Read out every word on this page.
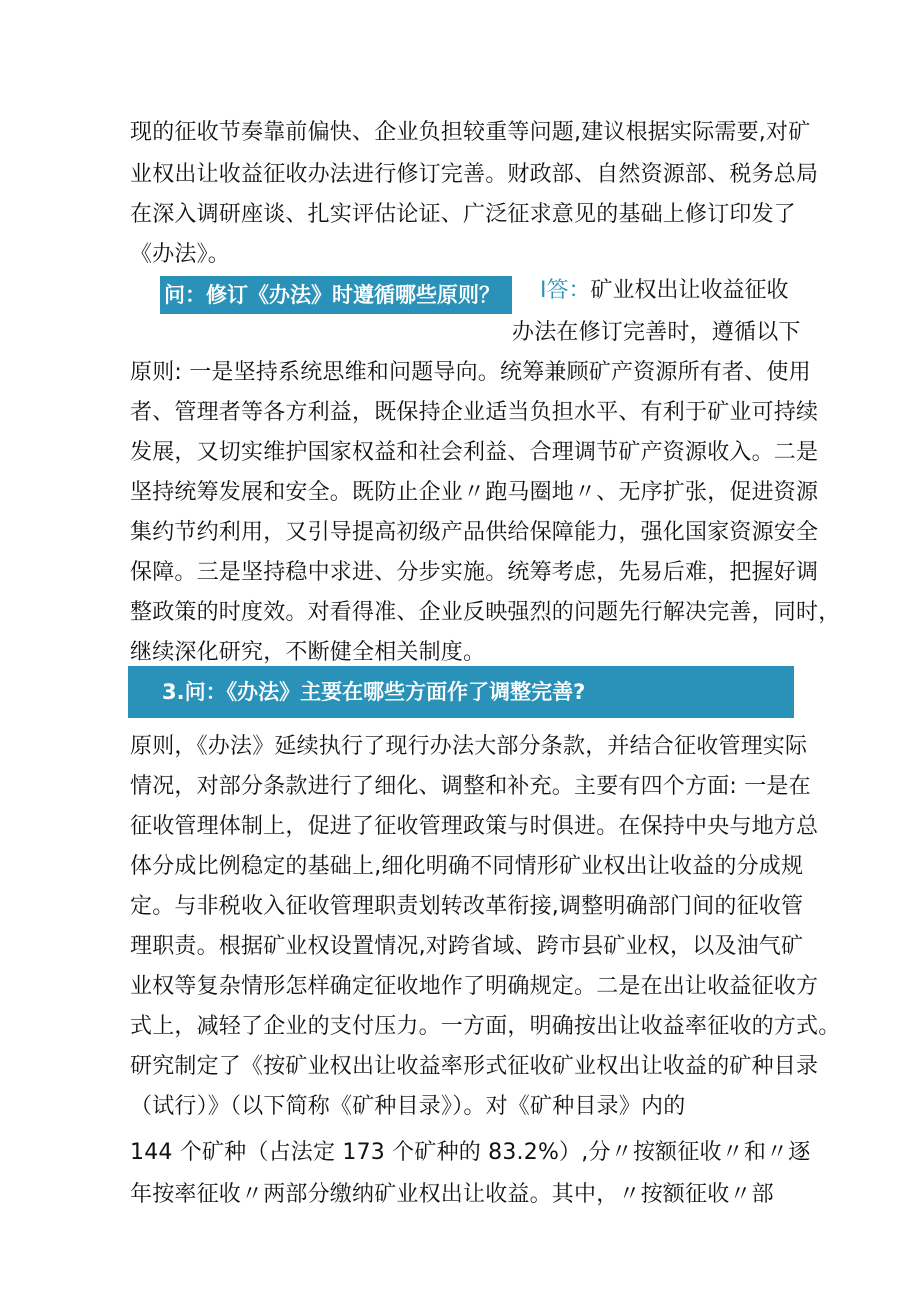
现的征收节奏靠前偏快、企业负担较重等问题,建议根据实际需要,对矿
业权出让收益征收办法进行修订完善。财政部、自然资源部、税务总局
在深入调研座谈、扎实评估论证、广泛征求意见的基础上修订印发了
《办法》。
问：修订《办法》时遵循哪些原则？	I答：矿业权出让收益征收
办法在修订完善时，遵循以下
原则: 一是坚持系统思维和问题导向。统筹兼顾矿产资源所有者、使用
者、管理者等各方利益，既保持企业适当负担水平、有利于矿业可持续
发展，又切实维护国家权益和社会利益、合理调节矿产资源收入。二是
坚持统筹发展和安全。既防止企业〃跑马圈地〃、无序扩张，促进资源
集约节约利用，又引导提高初级产品供给保障能力，强化国家资源安全
保障。三是坚持稳中求进、分步实施。统筹考虑，先易后难，把握好调
整政策的时度效。对看得准、企业反映强烈的问题先行解决完善，同时，
继续深化研究，不断健全相关制度。
3.问：《办法》主要在哪些方面作了调整完善?
原则，《办法》延续执行了现行办法大部分条款，并结合征收管理实际
情况，对部分条款进行了细化、调整和补充。主要有四个方面: 一是在
征收管理体制上，促进了征收管理政策与时俱进。在保持中央与地方总
体分成比例稳定的基础上,细化明确不同情形矿业权出让收益的分成规
定。与非税收入征收管理职责划转改革衔接,调整明确部门间的征收管
理职责。根据矿业权设置情况,对跨省域、跨市县矿业权，以及油气矿
业权等复杂情形怎样确定征收地作了明确规定。二是在出让收益征收方
式上，减轻了企业的支付压力。一方面，明确按出让收益率征收的方式。
研究制定了《按矿业权出让收益率形式征收矿业权出让收益的矿种目录
（试行）》（以下简称《矿种目录》）。对《矿种目录》内的
144 个矿种（占法定 173 个矿种的 83.2%）,分〃按额征收〃和〃逐
年按率征收〃两部分缴纳矿业权出让收益。其中，〃按额征收〃部
